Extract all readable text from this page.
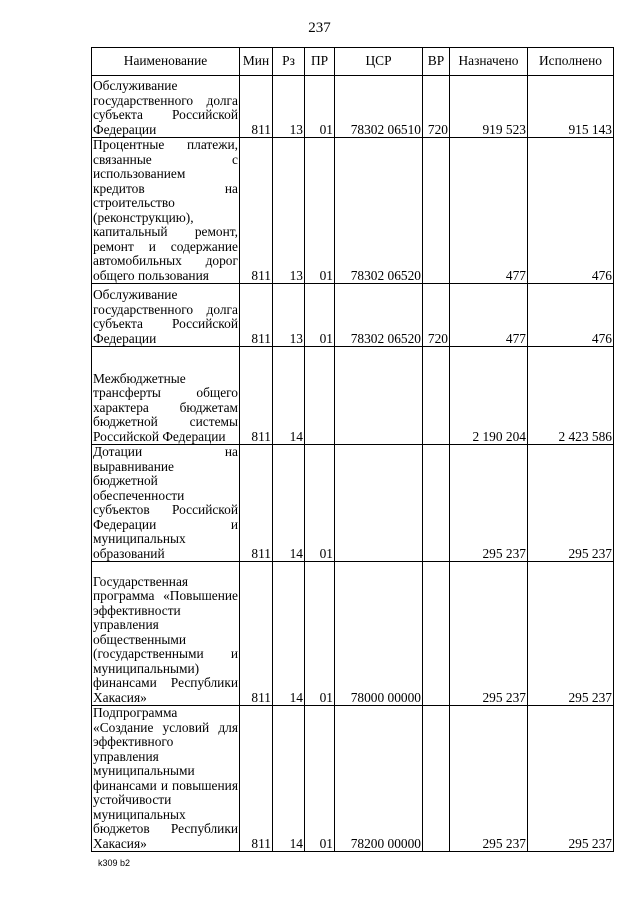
237
Наименование	Мин	Рз	ПР	ЦСР	ВР	Назначено	Исполнено
Обслуживание государственного долга субъекта Российской Федерации	811	13	01	78302 06510	720	919 523	915 143
Процентные платежи, связанные с использованием кредитов на строительство (реконструкцию), капитальный ремонт, ремонт и содержание автомобильных дорог общего пользования	811	13	01	78302 06520		477	476
Обслуживание государственного долга субъекта Российской Федерации	811	13	01	78302 06520	720	477	476
Межбюджетные трансферты общего характера бюджетам бюджетной системы Российской Федерации	811	14				2 190 204	2 423 586
Дотации на выравнивание бюджетной обеспеченности субъектов Российской Федерации и муниципальных образований	811	14	01			295 237	295 237
Государственная программа «Повышение эффективности управления общественными (государственными и муниципальными) финансами Республики Хакасия»	811	14	01	78000 00000		295 237	295 237
Подпрограмма «Создание условий для эффективного управления муниципальными финансами и повышения устойчивости муниципальных бюджетов Республики Хакасия»	811	14	01	78200 00000		295 237	295 237
k309 b2
